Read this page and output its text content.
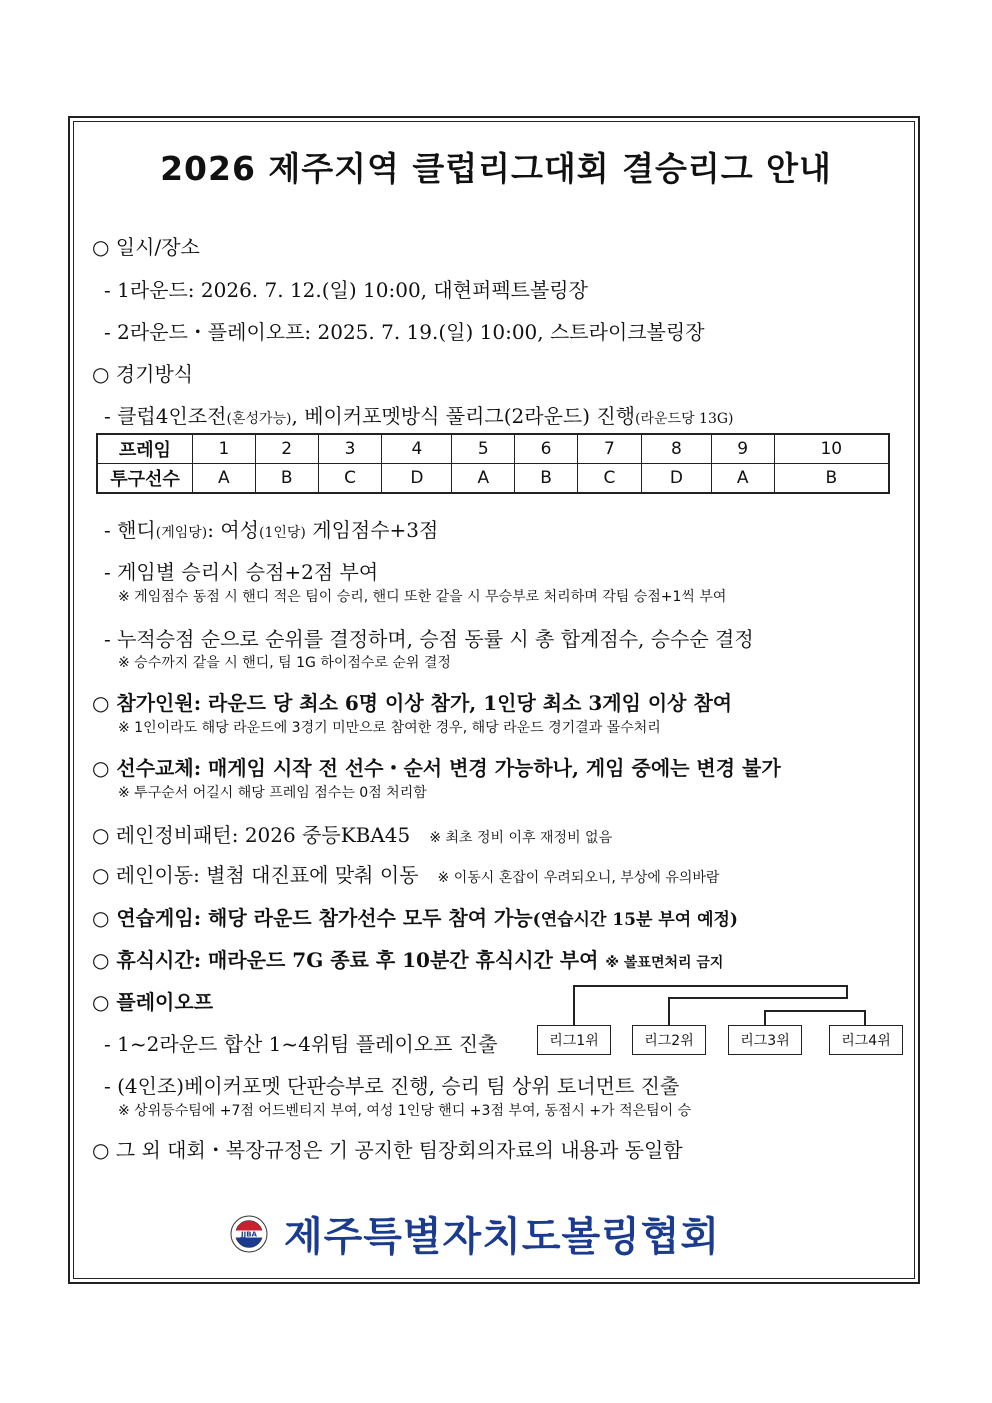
2026 제주지역 클럽리그대회 결승리그 안내
○ 일시/장소
- 1라운드: 2026. 7. 12.(일) 10:00, 대현퍼펙트볼링장
- 2라운드・플레이오프: 2025. 7. 19.(일) 10:00, 스트라이크볼링장
○ 경기방식
- 클럽4인조전(혼성가능), 베이커포멧방식 풀리그(2라운드) 진행(라운드당 13G)
프레임	1	2	3	4	5	6	7	8	9	10
투구선수	A	B	C	D	A	B	C	D	A	B
- 핸디(게임당): 여성(1인당) 게임점수+3점
- 게임별 승리시 승점+2점 부여
※ 게임점수 동점 시 핸디 적은 팀이 승리, 핸디 또한 같을 시 무승부로 처리하며 각팀 승점+1씩 부여
- 누적승점 순으로 순위를 결정하며, 승점 동률 시 총 합계점수, 승수순 결정
※ 승수까지 같을 시 핸디, 팀 1G 하이점수로 순위 결정
○ 참가인원: 라운드 당 최소 6명 이상 참가, 1인당 최소 3게임 이상 참여
※ 1인이라도 해당 라운드에 3경기 미만으로 참여한 경우, 해당 라운드 경기결과 몰수처리
○ 선수교체: 매게임 시작 전 선수・순서 변경 가능하나, 게임 중에는 변경 불가
※ 투구순서 어길시 해당 프레임 점수는 0점 처리함
○ 레인정비패턴: 2026 중등KBA45 ※ 최초 정비 이후 재정비 없음
○ 레인이동: 별첨 대진표에 맞춰 이동 ※ 이동시 혼잡이 우려되오니, 부상에 유의바람
○ 연습게임: 해당 라운드 참가선수 모두 참여 가능(연습시간 15분 부여 예정)
○ 휴식시간: 매라운드 7G 종료 후 10분간 휴식시간 부여 ※ 볼표면처리 금지
○ 플레이오프
- 1~2라운드 합산 1~4위팀 플레이오프 진출	리그1위	리그2위	리그3위	리그4위
- (4인조)베이커포멧 단판승부로 진행, 승리 팀 상위 토너먼트 진출
※ 상위등수팀에 +7점 어드벤티지 부여, 여성 1인당 핸디 +3점 부여, 동점시 +가 적은팀이 승
○ 그 외 대회・복장규정은 기 공지한 팀장회의자료의 내용과 동일함
JJBA 제주특별자치도볼링협회
